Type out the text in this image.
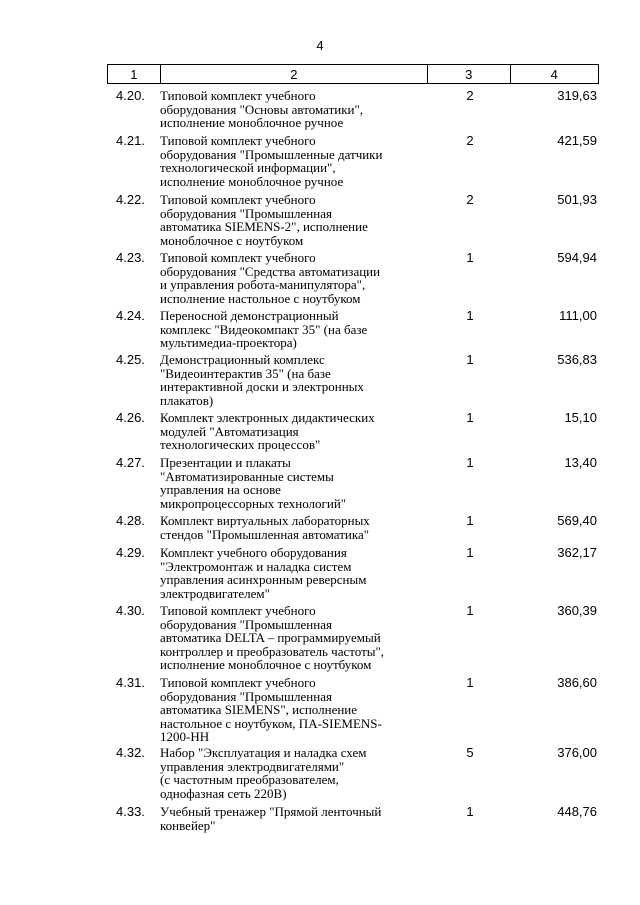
4
1	2	3	4
4.20.	Типовой комплект учебного
оборудования "Основы автоматики",
исполнение моноблочное ручное
2	319,63
4.21.	Типовой комплект учебного
оборудования "Промышленные датчики
технологической информации",
исполнение моноблочное ручное
2	421,59
4.22.	Типовой комплект учебного
оборудования "Промышленная
автоматика SIEMENS-2", исполнение
моноблочное с ноутбуком
2	501,93
4.23.	Типовой комплект учебного
оборудования "Средства автоматизации
и управления робота-манипулятора",
исполнение настольное с ноутбуком
1	594,94
4.24.	Переносной демонстрационный
комплекс "Видеокомпакт 35" (на базе
мультимедиа-проектора)
1	111,00
4.25.	Демонстрационный комплекс
"Видеоинтерактив 35" (на базе
интерактивной доски и электронных
плакатов)
1	536,83
4.26.	Комплект электронных дидактических
модулей "Автоматизация
технологических процессов"
1	15,10
4.27.	Презентации и плакаты
"Автоматизированные системы
управления на основе
микропроцессорных технологий"
1	13,40
4.28.	Комплект виртуальных лабораторных
стендов "Промышленная автоматика"
1	569,40
4.29.	Комплект учебного оборудования
"Электромонтаж и наладка систем
управления асинхронным реверсным
электродвигателем"
1	362,17
4.30.	Типовой комплект учебного
оборудования "Промышленная
автоматика DELTA – программируемый
контроллер и преобразователь частоты",
исполнение моноблочное с ноутбуком
1	360,39
4.31.	Типовой комплект учебного
оборудования "Промышленная
автоматика SIEMENS", исполнение
настольное с ноутбуком, ПА-SIEMENS-
1200-НН
1	386,60
4.32.	Набор "Эксплуатация и наладка схем
управления электродвигателями"
(с частотным преобразователем,
однофазная сеть 220В)
5	376,00
4.33.	Учебный тренажер "Прямой ленточный
конвейер"
1	448,76
